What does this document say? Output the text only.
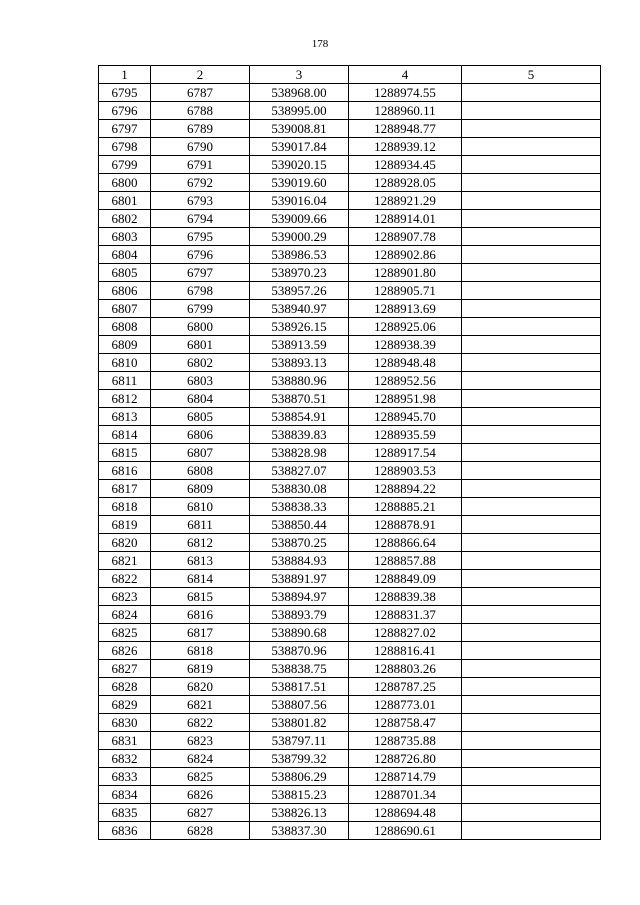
178
1	2	3	4	5
6795	6787	538968.00	1288974.55	
6796	6788	538995.00	1288960.11	
6797	6789	539008.81	1288948.77	
6798	6790	539017.84	1288939.12	
6799	6791	539020.15	1288934.45	
6800	6792	539019.60	1288928.05	
6801	6793	539016.04	1288921.29	
6802	6794	539009.66	1288914.01	
6803	6795	539000.29	1288907.78	
6804	6796	538986.53	1288902.86	
6805	6797	538970.23	1288901.80	
6806	6798	538957.26	1288905.71	
6807	6799	538940.97	1288913.69	
6808	6800	538926.15	1288925.06	
6809	6801	538913.59	1288938.39	
6810	6802	538893.13	1288948.48	
6811	6803	538880.96	1288952.56	
6812	6804	538870.51	1288951.98	
6813	6805	538854.91	1288945.70	
6814	6806	538839.83	1288935.59	
6815	6807	538828.98	1288917.54	
6816	6808	538827.07	1288903.53	
6817	6809	538830.08	1288894.22	
6818	6810	538838.33	1288885.21	
6819	6811	538850.44	1288878.91	
6820	6812	538870.25	1288866.64	
6821	6813	538884.93	1288857.88	
6822	6814	538891.97	1288849.09	
6823	6815	538894.97	1288839.38	
6824	6816	538893.79	1288831.37	
6825	6817	538890.68	1288827.02	
6826	6818	538870.96	1288816.41	
6827	6819	538838.75	1288803.26	
6828	6820	538817.51	1288787.25	
6829	6821	538807.56	1288773.01	
6830	6822	538801.82	1288758.47	
6831	6823	538797.11	1288735.88	
6832	6824	538799.32	1288726.80	
6833	6825	538806.29	1288714.79	
6834	6826	538815.23	1288701.34	
6835	6827	538826.13	1288694.48	
6836	6828	538837.30	1288690.61	
